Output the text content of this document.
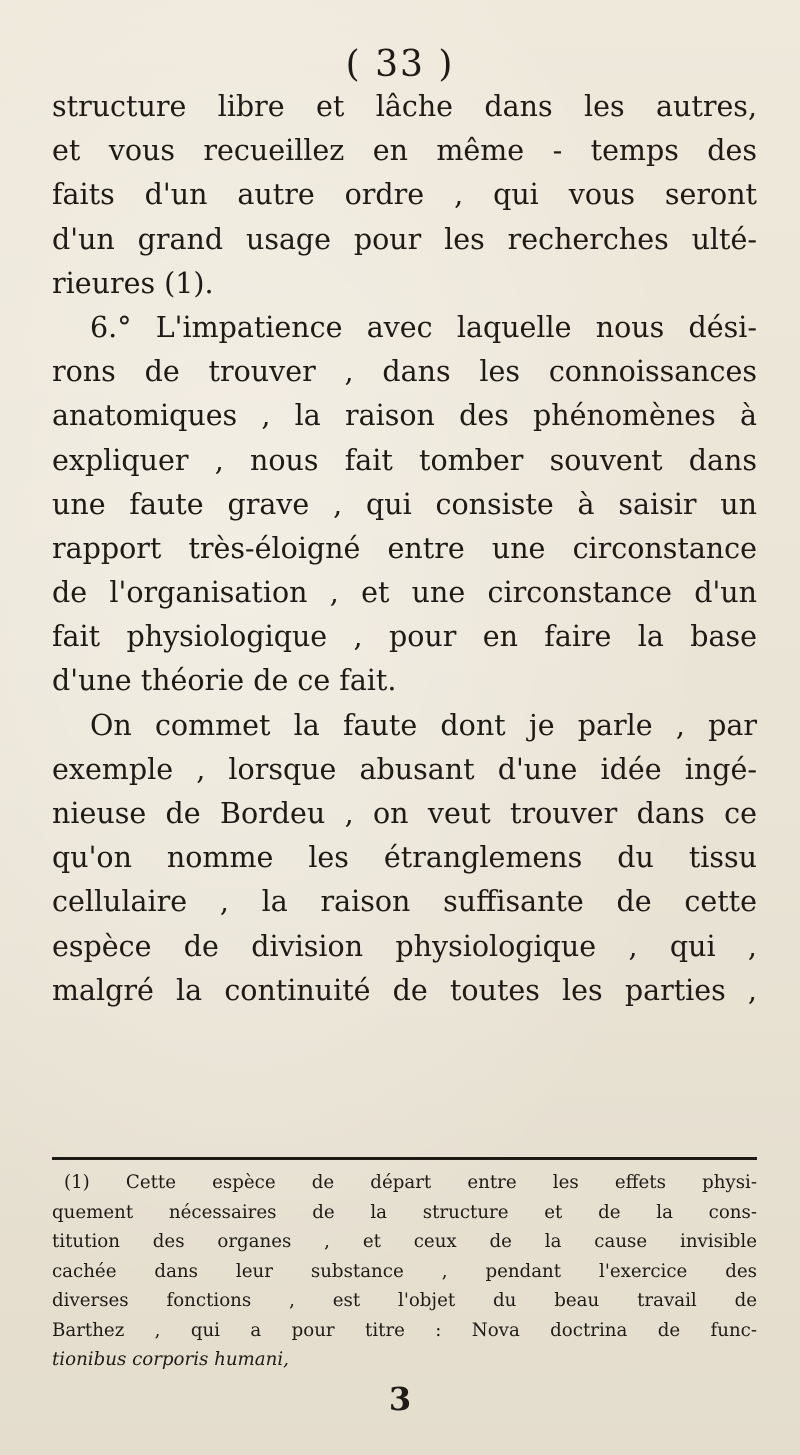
( 33 )
structure libre et lâche dans les autres,
et vous recueillez en même - temps des
faits d'un autre ordre , qui vous seront
d'un grand usage pour les recherches ulté-
rieures (1).
6.° L'impatience avec laquelle nous dési-
rons de trouver , dans les connoissances
anatomiques , la raison des phénomènes à
expliquer , nous fait tomber souvent dans
une faute grave , qui consiste à saisir un
rapport très-éloigné entre une circonstance
de l'organisation , et une circonstance d'un
fait physiologique , pour en faire la base
d'une théorie de ce fait.
On commet la faute dont je parle , par
exemple , lorsque abusant d'une idée ingé-
nieuse de Bordeu , on veut trouver dans ce
qu'on nomme les étranglemens du tissu
cellulaire , la raison suffisante de cette
espèce de division physiologique , qui ,
malgré la continuité de toutes les parties ,
(1) Cette espèce de départ entre les effets physi-
quement nécessaires de la structure et de la cons-
titution des organes , et ceux de la cause invisible
cachée dans leur substance , pendant l'exercice des
diverses fonctions , est l'objet du beau travail de
Barthez , qui a pour titre : Nova doctrina de func-
tionibus corporis humani,
3
